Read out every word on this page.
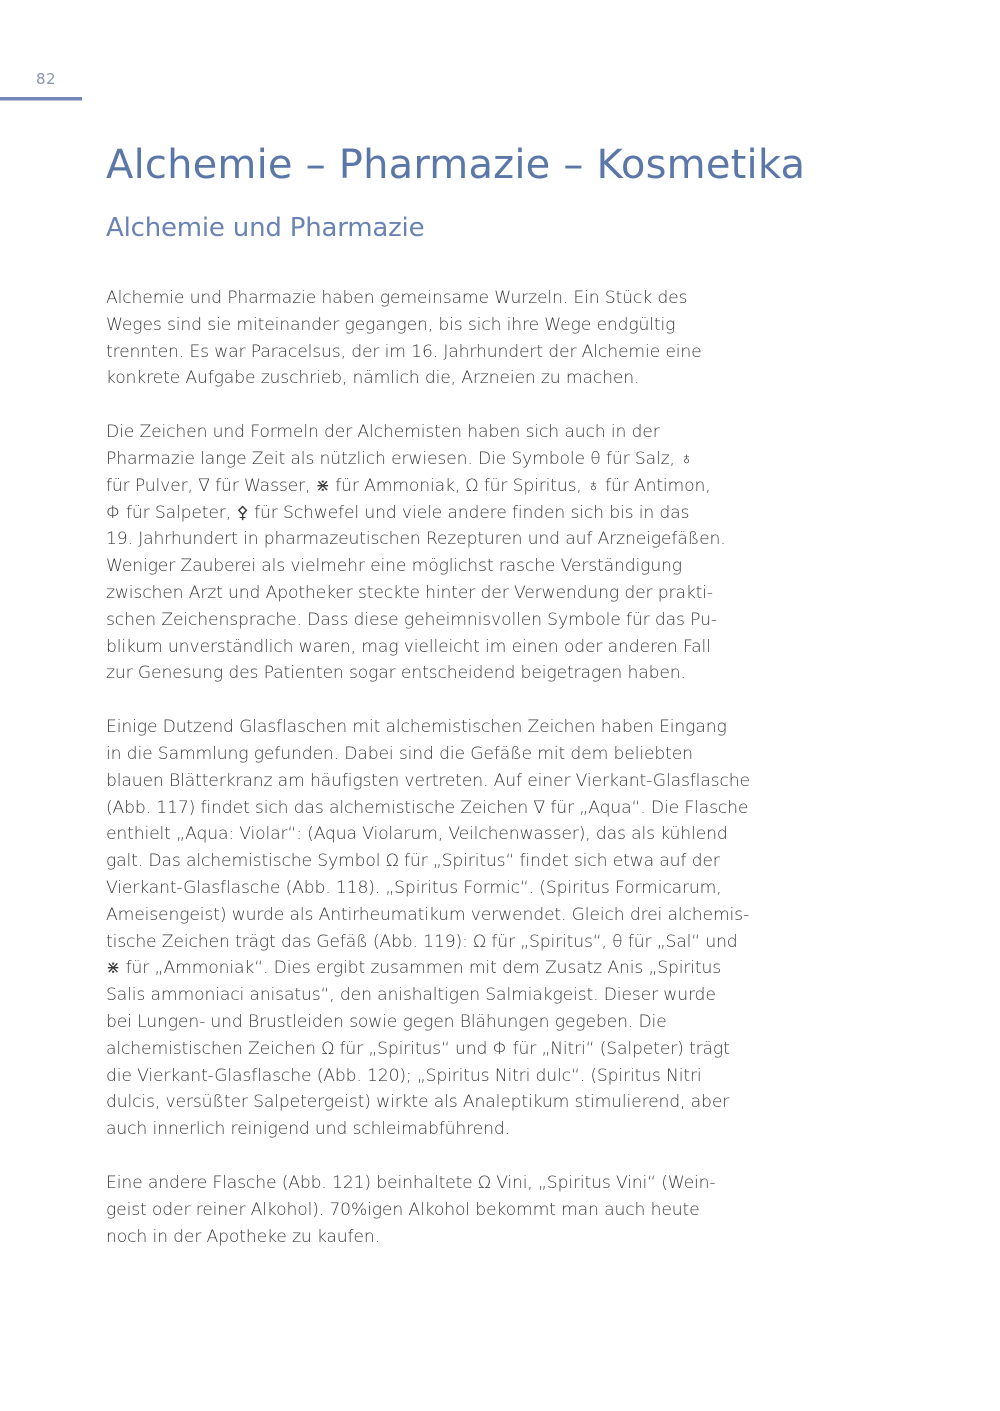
82
Alchemie – Pharmazie – Kosmetika
Alchemie und Pharmazie

Alchemie und Pharmazie haben gemeinsame Wurzeln. Ein Stück des
Weges sind sie miteinander gegangen, bis sich ihre Wege endgültig
trennten. Es war Paracelsus, der im 16. Jahrhundert der Alchemie eine
konkrete Aufgabe zuschrieb, nämlich die, Arzneien zu machen.

Die Zeichen und Formeln der Alchemisten haben sich auch in der
Pharmazie lange Zeit als nützlich erwiesen. Die Symbole θ für Salz, ♁
für Pulver, ∇ für Wasser, ⋇ für Ammoniak, Ω für Spiritus, ♁ für Antimon,
Φ für Salpeter, ⚴ für Schwefel und viele andere finden sich bis in das
19. Jahrhundert in pharmazeutischen Rezepturen und auf Arzneigefäßen.
Weniger Zauberei als vielmehr eine möglichst rasche Verständigung
zwischen Arzt und Apotheker steckte hinter der Verwendung der prakti-
schen Zeichensprache. Dass diese geheimnisvollen Symbole für das Pu-
blikum unverständlich waren, mag vielleicht im einen oder anderen Fall
zur Genesung des Patienten sogar entscheidend beigetragen haben.

Einige Dutzend Glasflaschen mit alchemistischen Zeichen haben Eingang
in die Sammlung gefunden. Dabei sind die Gefäße mit dem beliebten
blauen Blätterkranz am häufigsten vertreten. Auf einer Vierkant-Glasflasche
(Abb. 117) findet sich das alchemistische Zeichen ∇ für „Aqua“. Die Flasche
enthielt „Aqua: Violar“: (Aqua Violarum, Veilchenwasser), das als kühlend
galt. Das alchemistische Symbol Ω für „Spiritus“ findet sich etwa auf der
Vierkant-Glasflasche (Abb. 118). „Spiritus Formic“. (Spiritus Formicarum,
Ameisengeist) wurde als Antirheumatikum verwendet. Gleich drei alchemis-
tische Zeichen trägt das Gefäß (Abb. 119): Ω für „Spiritus“, θ für „Sal“ und
⋇ für „Ammoniak“. Dies ergibt zusammen mit dem Zusatz Anis „Spiritus
Salis ammoniaci anisatus“, den anishaltigen Salmiakgeist. Dieser wurde
bei Lungen- und Brustleiden sowie gegen Blähungen gegeben. Die
alchemistischen Zeichen Ω für „Spiritus“ und Φ für „Nitri“ (Salpeter) trägt
die Vierkant-Glasflasche (Abb. 120); „Spiritus Nitri dulc“. (Spiritus Nitri
dulcis, versüßter Salpetergeist) wirkte als Analeptikum stimulierend, aber
auch innerlich reinigend und schleimabführend.

Eine andere Flasche (Abb. 121) beinhaltete Ω Vini, „Spiritus Vini“ (Wein-
geist oder reiner Alkohol). 70%igen Alkohol bekommt man auch heute
noch in der Apotheke zu kaufen.
